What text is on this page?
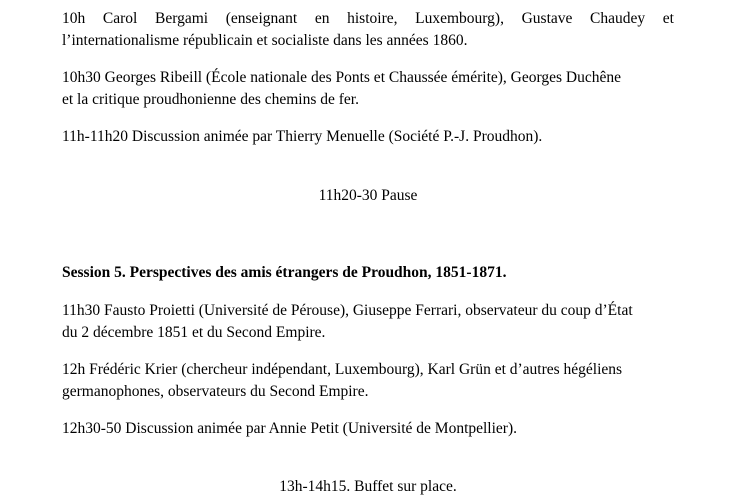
10h Carol Bergami (enseignant en histoire, Luxembourg), Gustave Chaudey et
l’internationalisme républicain et socialiste dans les années 1860.

10h30 Georges Ribeill (École nationale des Ponts et Chaussée émérite), Georges Duchêne
et la critique proudhonienne des chemins de fer.

11h-11h20 Discussion animée par Thierry Menuelle (Société P.-J. Proudhon).

11h20-30 Pause

Session 5. Perspectives des amis étrangers de Proudhon, 1851-1871.

11h30 Fausto Proietti (Université de Pérouse), Giuseppe Ferrari, observateur du coup d’État
du 2 décembre 1851 et du Second Empire.

12h Frédéric Krier (chercheur indépendant, Luxembourg), Karl Grün et d’autres hégéliens
germanophones, observateurs du Second Empire.

12h30-50 Discussion animée par Annie Petit (Université de Montpellier).

13h-14h15. Buffet sur place.
